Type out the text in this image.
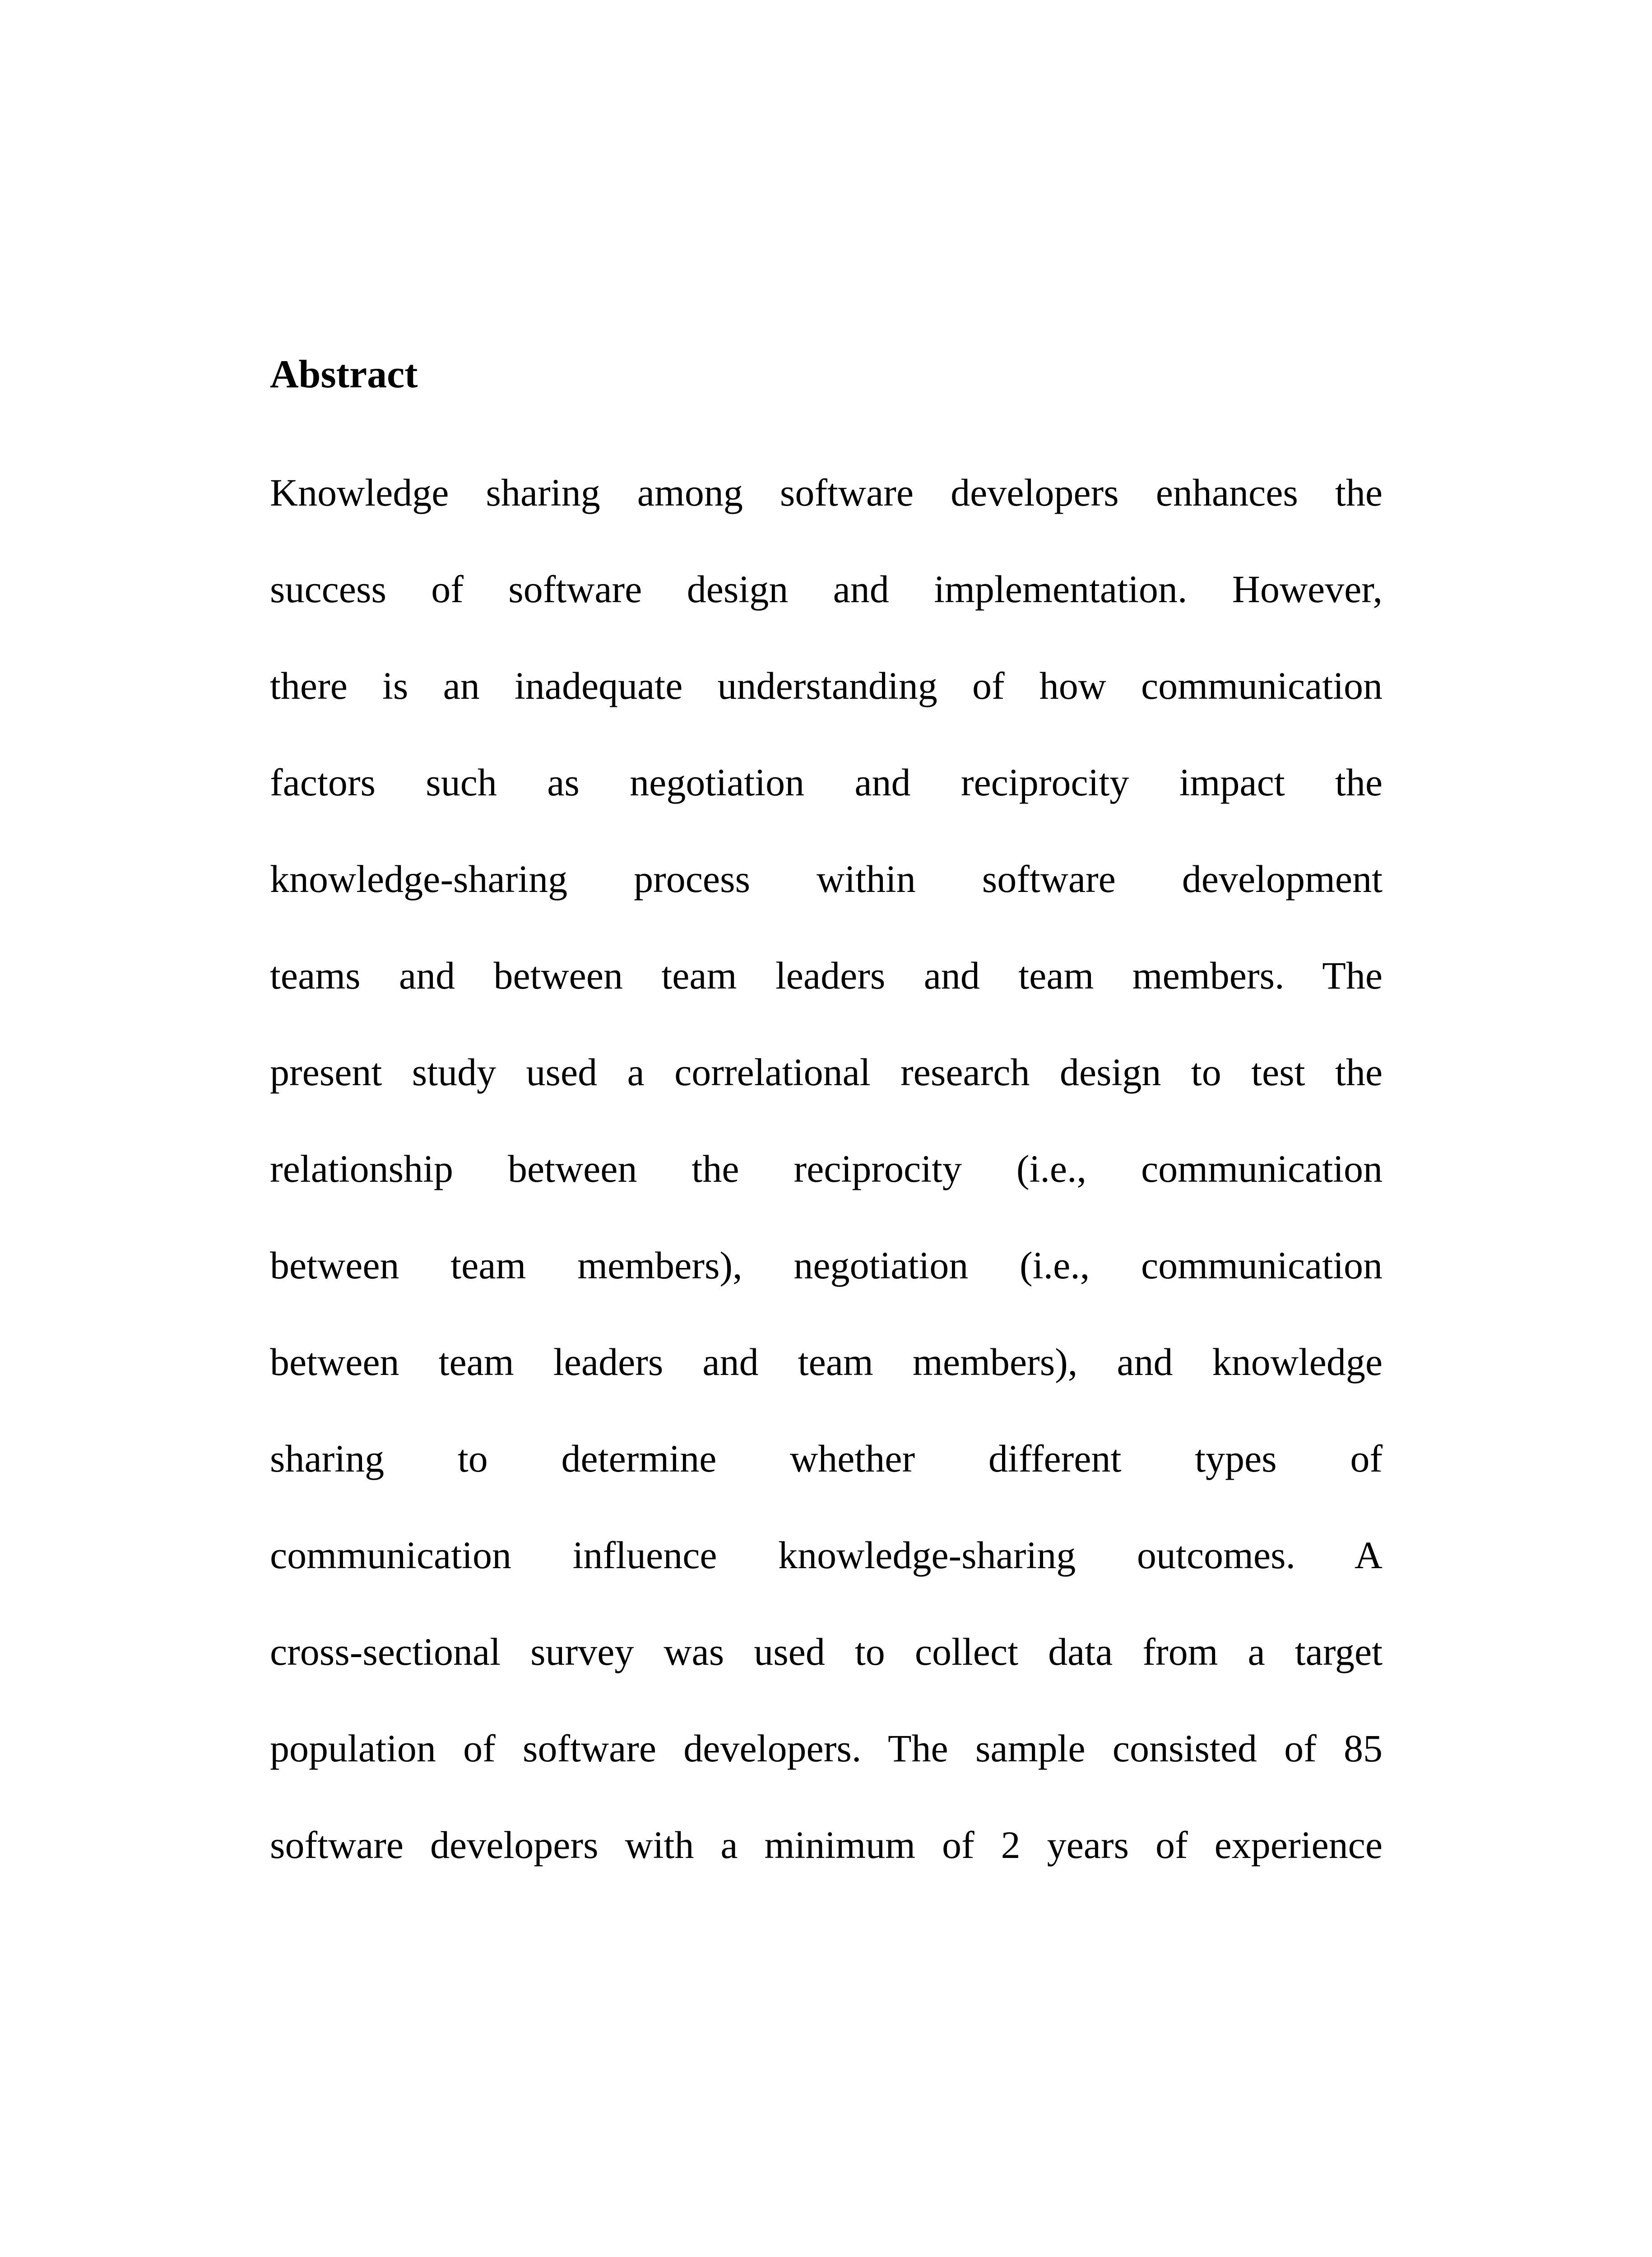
Abstract
Knowledge sharing among software developers enhances the
success of software design and implementation. However,
there is an inadequate understanding of how communication
factors such as negotiation and reciprocity impact the
knowledge-sharing process within software development
teams and between team leaders and team members. The
present study used a correlational research design to test the
relationship between the reciprocity (i.e., communication
between team members), negotiation (i.e., communication
between team leaders and team members), and knowledge
sharing to determine whether different types of
communication influence knowledge-sharing outcomes. A
cross-sectional survey was used to collect data from a target
population of software developers. The sample consisted of 85
software developers with a minimum of 2 years of experience
